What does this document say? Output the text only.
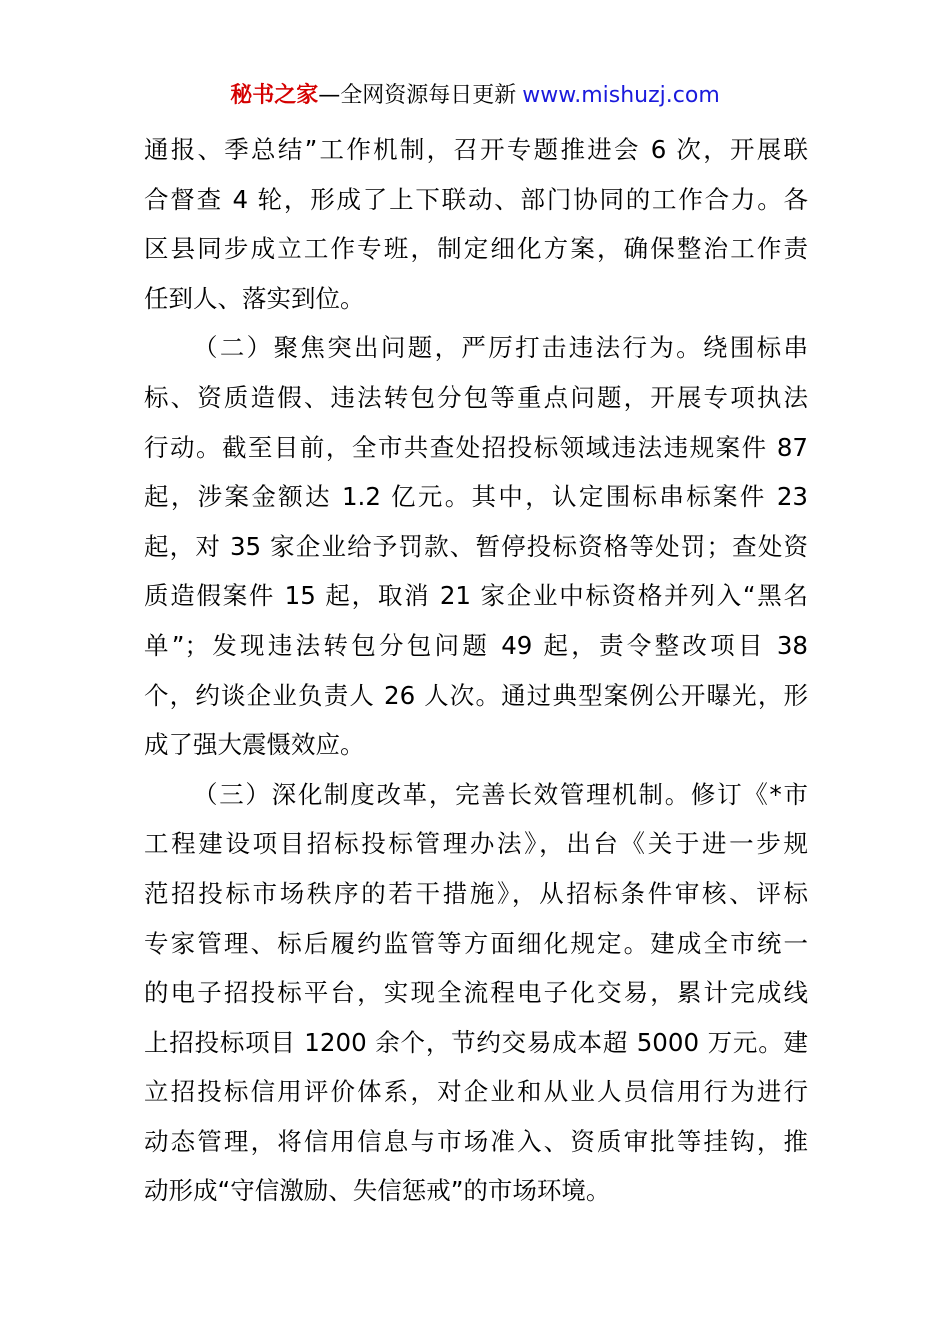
秘书之家—全网资源每日更新 www.mishuzj.com
通报、季总结”工作机制，召开专题推进会 6 次，开展联
合督查 4 轮，形成了上下联动、部门协同的工作合力。各
区县同步成立工作专班，制定细化方案，确保整治工作责
任到人、落实到位。
（二）聚焦突出问题，严厉打击违法行为。绕围标串
标、资质造假、违法转包分包等重点问题，开展专项执法
行动。截至目前，全市共查处招投标领域违法违规案件 87
起，涉案金额达 1.2 亿元。其中，认定围标串标案件 23
起，对 35 家企业给予罚款、暂停投标资格等处罚；查处资
质造假案件 15 起，取消 21 家企业中标资格并列入“黑名
单”；发现违法转包分包问题 49 起，责令整改项目 38
个，约谈企业负责人 26 人次。通过典型案例公开曝光，形
成了强大震慑效应。
（三）深化制度改革，完善长效管理机制。修订《*市
工程建设项目招标投标管理办法》，出台《关于进一步规
范招投标市场秩序的若干措施》，从招标条件审核、评标
专家管理、标后履约监管等方面细化规定。建成全市统一
的电子招投标平台，实现全流程电子化交易，累计完成线
上招投标项目 1200 余个，节约交易成本超 5000 万元。建
立招投标信用评价体系，对企业和从业人员信用行为进行
动态管理，将信用信息与市场准入、资质审批等挂钩，推
动形成“守信激励、失信惩戒”的市场环境。
